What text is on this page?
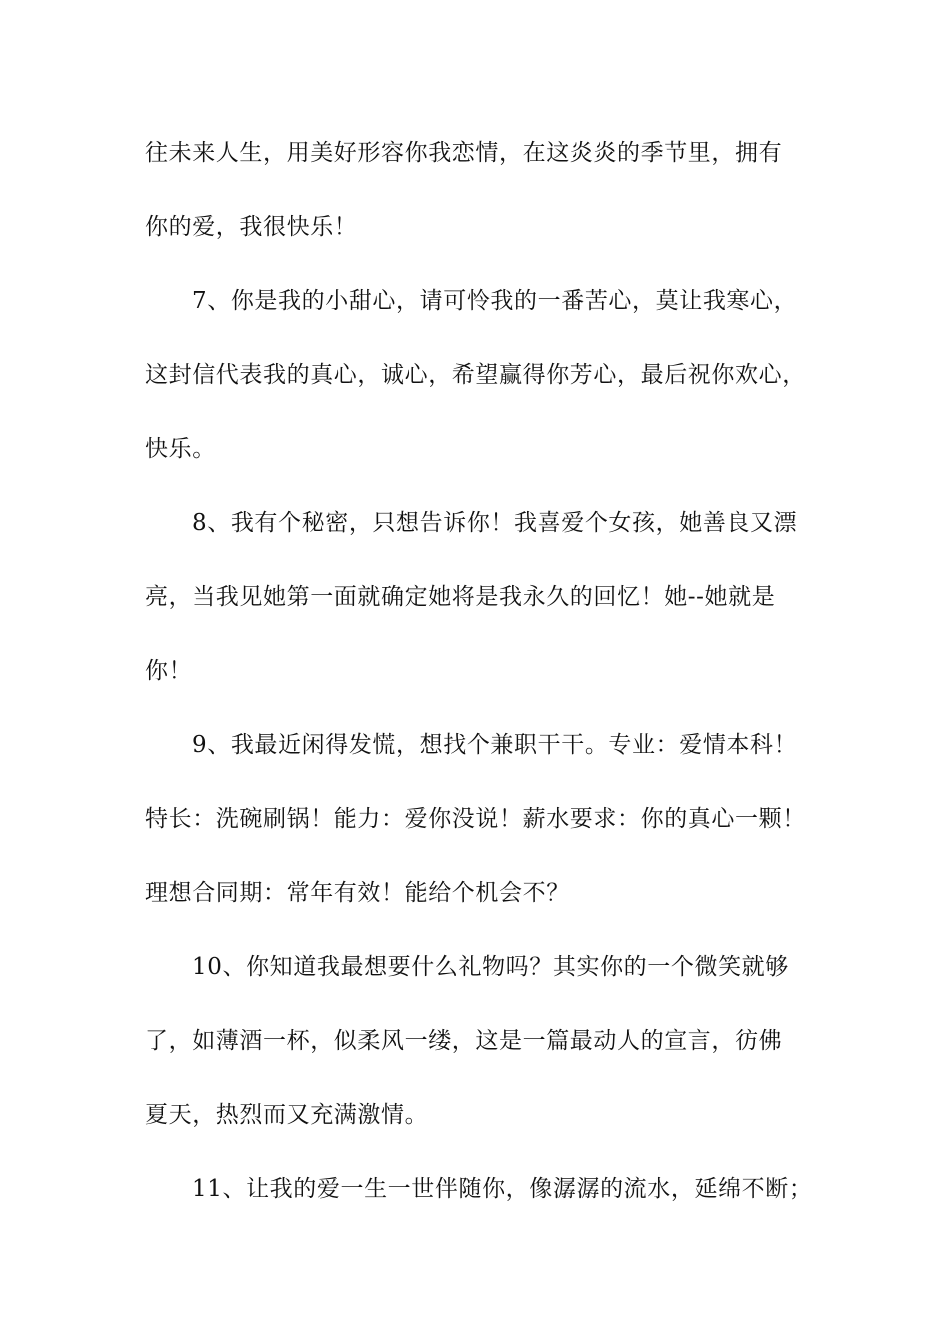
往未来人生，用美好形容你我恋情，在这炎炎的季节里，拥有
你的爱，我很快乐！
7、你是我的小甜心，请可怜我的一番苦心，莫让我寒心，
这封信代表我的真心，诚心，希望赢得你芳心，最后祝你欢心，
快乐。
8、我有个秘密，只想告诉你！我喜爱个女孩，她善良又漂
亮，当我见她第一面就确定她将是我永久的回忆！她--她就是
你！
9、我最近闲得发慌，想找个兼职干干。专业：爱情本科！
特长：洗碗刷锅！能力：爱你没说！薪水要求：你的真心一颗！
理想合同期：常年有效！能给个机会不？
10、你知道我最想要什么礼物吗？其实你的一个微笑就够
了，如薄酒一杯，似柔风一缕，这是一篇最动人的宣言，彷佛
夏天，热烈而又充满激情。
11、让我的爱一生一世伴随你，像潺潺的流水，延绵不断；
